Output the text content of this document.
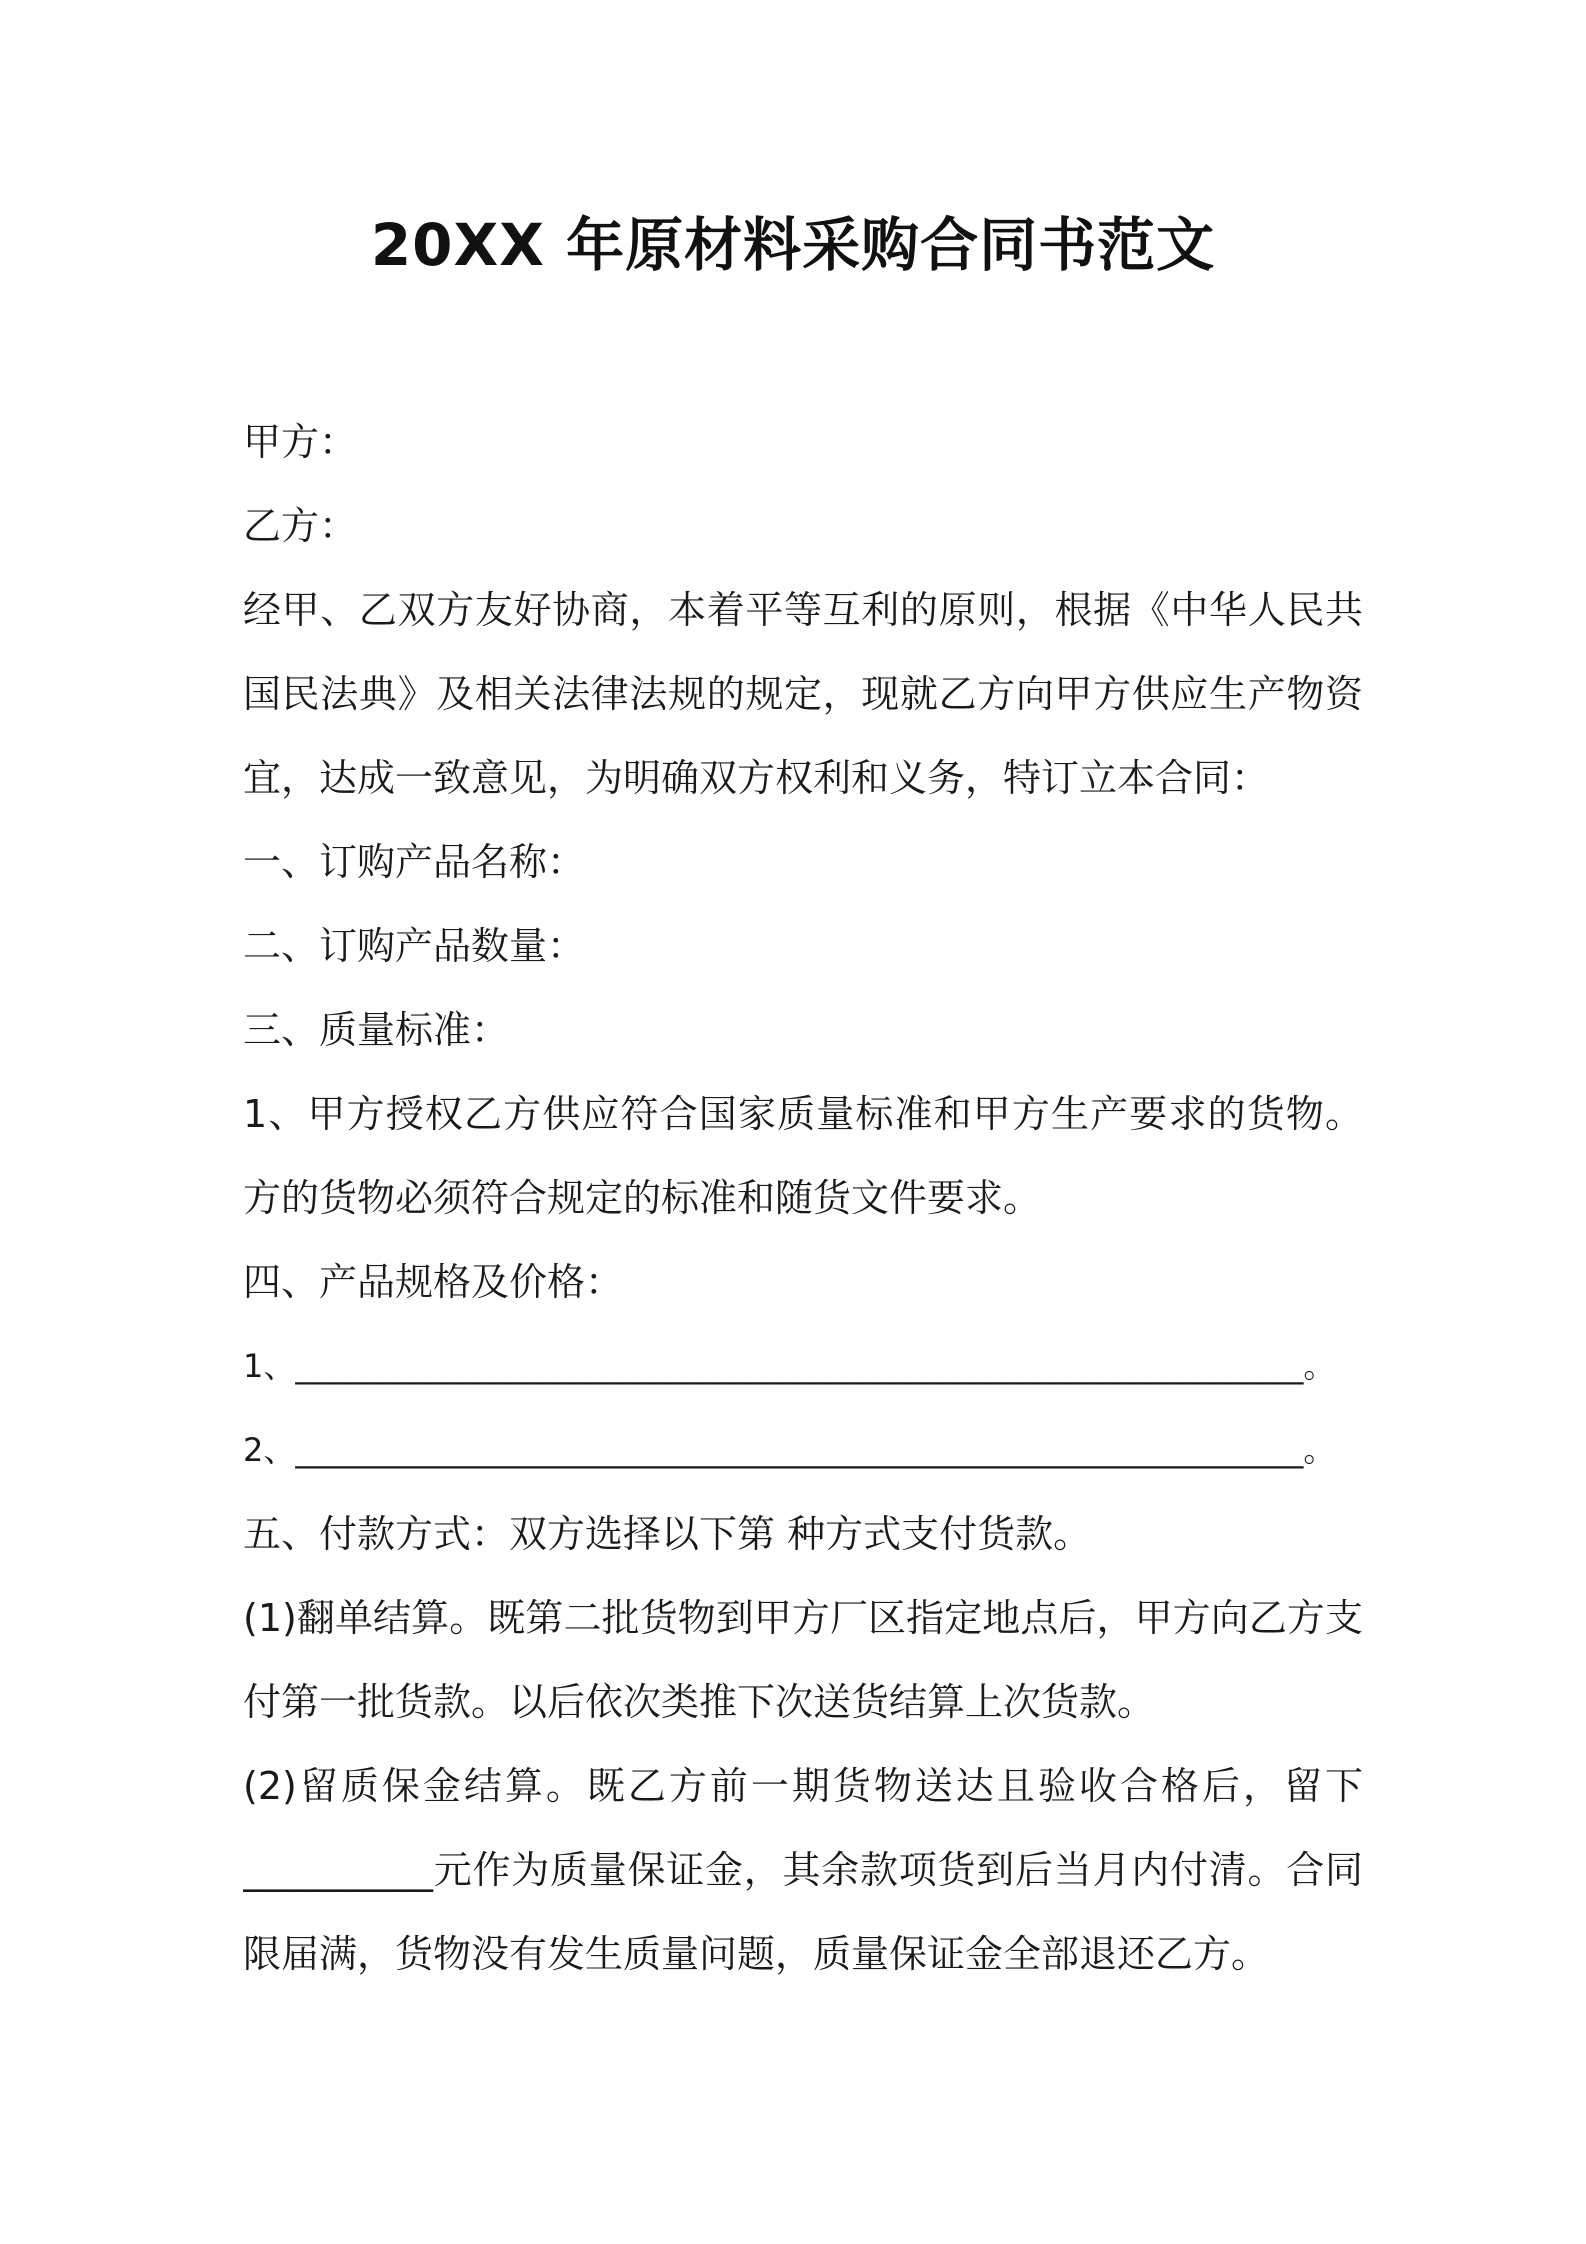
20XX 年原材料采购合同书范文
甲方：
乙方：
经甲、乙双方友好协商，本着平等互利的原则，根据《中华人民共
国民法典》及相关法律法规的规定，现就乙方向甲方供应生产物资
宜，达成一致意见，为明确双方权利和义务，特订立本合同：
一、订购产品名称：
二、订购产品数量：
三、质量标准：
1、甲方授权乙方供应符合国家质量标准和甲方生产要求的货物。
方的货物必须符合规定的标准和随货文件要求。
四、产品规格及价格：
1、_______________________________________________________________。
2、_______________________________________________________________。
五、付款方式：双方选择以下第 种方式支付货款。
(1)翻单结算。既第二批货物到甲方厂区指定地点后，甲方向乙方支
付第一批货款。以后依次类推下次送货结算上次货款。
(2)留质保金结算。既乙方前一期货物送达且验收合格后，留下
__________元作为质量保证金，其余款项货到后当月内付清。合同
限届满，货物没有发生质量问题，质量保证金全部退还乙方。
